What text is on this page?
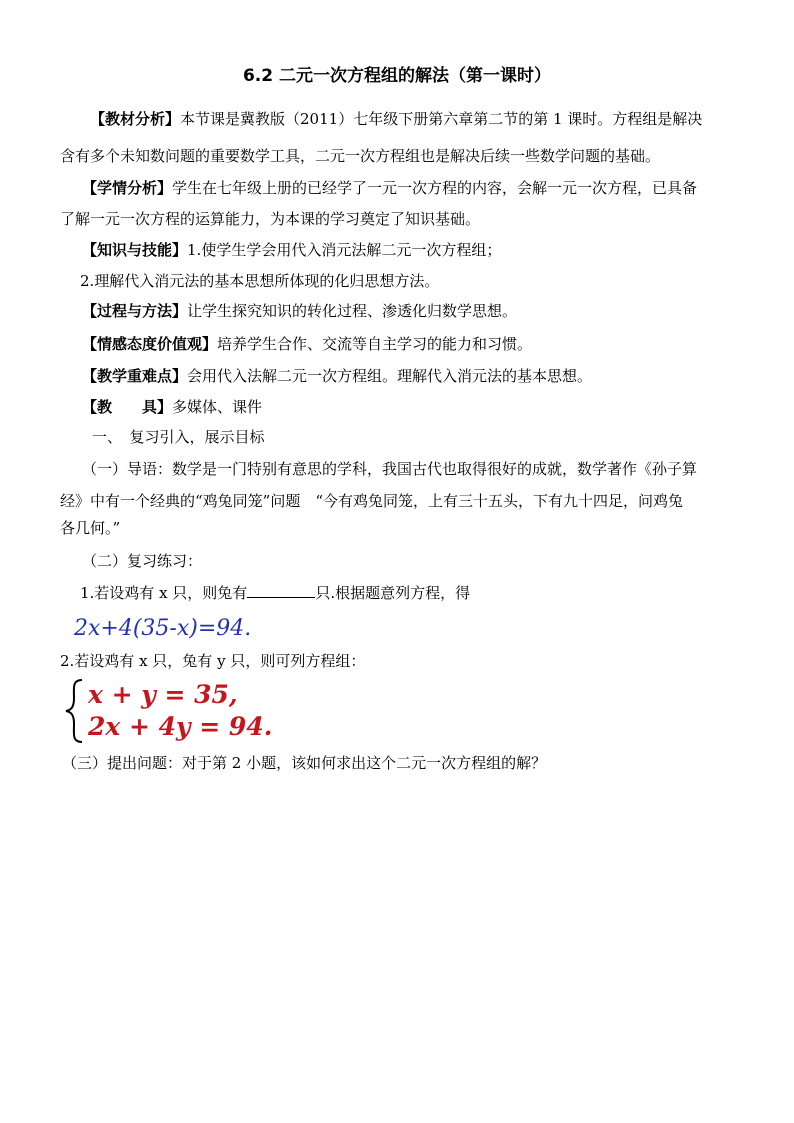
6.2 二元一次方程组的解法（第一课时）
【教材分析】本节课是冀教版（2011）七年级下册第六章第二节的第 1 课时。方程组是解决
含有多个未知数问题的重要数学工具，二元一次方程组也是解决后续一些数学问题的基础。
【学情分析】学生在七年级上册的已经学了一元一次方程的内容，会解一元一次方程，已具备
了解一元一次方程的运算能力，为本课的学习奠定了知识基础。
【知识与技能】1.使学生学会用代入消元法解二元一次方程组；
2.理解代入消元法的基本思想所体现的化归思想方法。
【过程与方法】让学生探究知识的转化过程、渗透化归数学思想。
【情感态度价值观】培养学生合作、交流等自主学习的能力和习惯。
【教学重难点】会用代入法解二元一次方程组。理解代入消元法的基本思想。
【教　　具】多媒体、课件
一、　复习引入，展示目标
（一）导语：数学是一门特别有意思的学科，我国古代也取得很好的成就，数学著作《孙子算
经》中有一个经典的“鸡兔同笼”问题　“今有鸡兔同笼，上有三十五头，下有九十四足，问鸡兔
各几何。”
（二）复习练习：
1.若设鸡有 x 只，则兔有	只.根据题意列方程，得
2x+4(35-x)=94.
2.若设鸡有 x 只，兔有 y 只，则可列方程组：
x + y = 35,
2x + 4y = 94.
（三）提出问题：对于第 2 小题，该如何求出这个二元一次方程组的解？
